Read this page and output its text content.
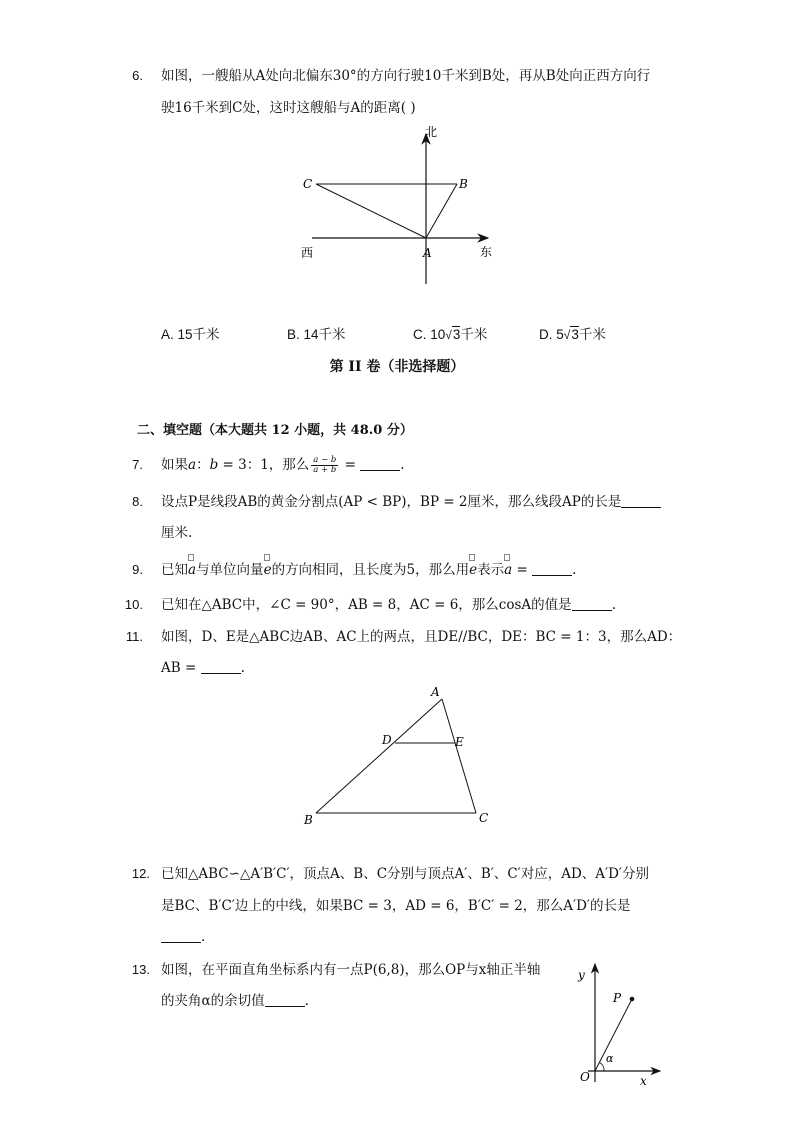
6. 如图，一艘船从A处向北偏东30°的方向行驶10千米到B处，再从B处向正西方向行
驶16千米到C处，这时这艘船与A的距离( )
北
西	东
A
B
C
A. 15千米	B. 14千米	C. 10√3千米	D. 5√3千米
第 II 卷（非选择题）
二、填空题（本大题共 12 小题，共 48.0 分）
7. 如果a：b = 3：1，那么 $\frac{a - b}{a + b}$ =	.
8. 设点P是线段AB的黄金分割点(AP < BP)，BP = 2厘米，那么线段AP的长是
厘米.
9. 已知a与单位向量e的方向相同，且长度为5，那么用e表示a =	.
10. 已知在△ABC中，∠C = 90°，AB = 8，AC = 6，那么cosA的值是	.
11. 如图，D、E是△ABC边AB、AC上的两点，且DE//BC，DE：BC = 1：3，那么AD：
AB =	.
A
D	E
B	C
12. 已知△ABC∽△A′B′C′，顶点A、B、C分别与顶点A′、B′、C′对应，AD、A′D′分别
是BC、B′C′边上的中线，如果BC = 3，AD = 6，B′C′ = 2，那么A′D′的长是
.
13. 如图，在平面直角坐标系内有一点P(6,8)，那么OP与x轴正半轴
的夹角α的余切值	.
y
x
O
P
α
